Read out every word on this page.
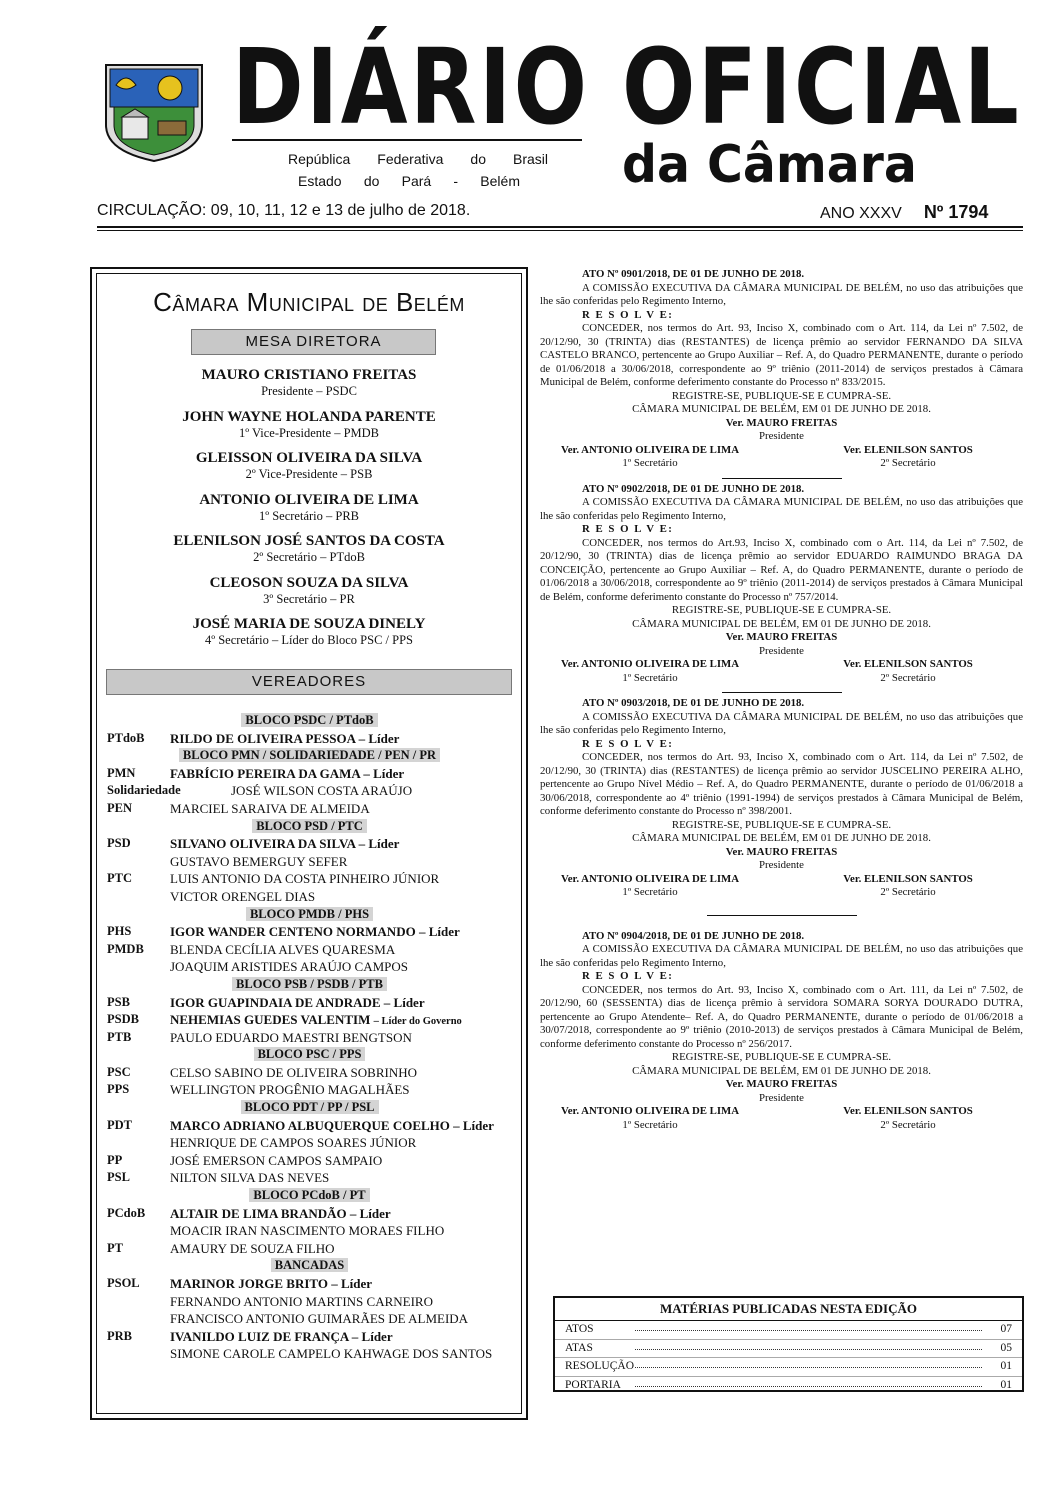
DIÁRIO OFICIAL
da Câmara
República Federativa do Brasil
Estado do Pará - Belém
CIRCULAÇÃO: 09, 10, 11, 12 e 13 de julho de 2018.	ANO XXXV Nº 1794
Câmara Municipal de Belém
MESA DIRETORA
MAURO CRISTIANO FREITAS
Presidente – PSDC
JOHN WAYNE HOLANDA PARENTE
1º Vice-Presidente – PMDB
GLEISSON OLIVEIRA DA SILVA
2º Vice-Presidente – PSB
ANTONIO OLIVEIRA DE LIMA
1º Secretário – PRB
ELENILSON JOSÉ SANTOS DA COSTA
2º Secretário – PTdoB
CLEOSON SOUZA DA SILVA
3º Secretário – PR
JOSÉ MARIA DE SOUZA DINELY
4º Secretário – Líder do Bloco PSC / PPS
VEREADORES
BLOCO PSDC / PTdoB
PTdoB RILDO DE OLIVEIRA PESSOA – Líder
BLOCO PMN / SOLIDARIEDADE / PEN / PR
PMN	FABRÍCIO PEREIRA DA GAMA – Líder
Solidariedade	JOSÉ WILSON COSTA ARAÚJO
PEN	MARCIEL SARAIVA DE ALMEIDA
BLOCO PSD / PTC
PSD	SILVANO OLIVEIRA DA SILVA – Líder
GUSTAVO BEMERGUY SEFER
PTC	LUIS ANTONIO DA COSTA PINHEIRO JÚNIOR
VICTOR ORENGEL DIAS
BLOCO PMDB / PHS
PHS	IGOR WANDER CENTENO NORMANDO – Líder
PMDB BLENDA CECÍLIA ALVES QUARESMA
JOAQUIM ARISTIDES ARAÚJO CAMPOS
BLOCO PSB / PSDB / PTB
PSB	IGOR GUAPINDAIA DE ANDRADE – Líder
PSDB NEHEMIAS GUEDES VALENTIM – Líder do Governo
PTB	PAULO EDUARDO MAESTRI BENGTSON
BLOCO PSC / PPS
PSC	CELSO SABINO DE OLIVEIRA SOBRINHO
PPS	WELLINGTON PROGÊNIO MAGALHÃES
BLOCO PDT / PP / PSL
PDT	MARCO ADRIANO ALBUQUERQUE COELHO – Líder
HENRIQUE DE CAMPOS SOARES JÚNIOR
PP	JOSÉ EMERSON CAMPOS SAMPAIO
PSL	NILTON SILVA DAS NEVES
BLOCO PCdoB / PT
PCdoB ALTAIR DE LIMA BRANDÃO – Líder
MOACIR IRAN NASCIMENTO MORAES FILHO
PT	AMAURY DE SOUZA FILHO
BANCADAS
PSOL MARINOR JORGE BRITO – Líder
FERNANDO ANTONIO MARTINS CARNEIRO
FRANCISCO ANTONIO GUIMARÃES DE ALMEIDA
PRB	IVANILDO LUIZ DE FRANÇA – Líder
SIMONE CAROLE CAMPELO KAHWAGE DOS SANTOS
ATO Nº 0901/2018, DE 01 DE JUNHO DE 2018.
A COMISSÃO EXECUTIVA DA CÂMARA MUNICIPAL DE BELÉM, no uso das atribuições que lhe são conferidas pelo Regimento Interno,
R E S O L V E:
CONCEDER, nos termos do Art. 93, Inciso X, combinado com o Art. 114, da Lei nº 7.502, de 20/12/90, 30 (TRINTA) dias (RESTANTES) de licença prêmio ao servidor FERNANDO DA SILVA CASTELO BRANCO, pertencente ao Grupo Auxiliar – Ref. A, do Quadro PERMANENTE, durante o período de 01/06/2018 a 30/06/2018, correspondente ao 9º triênio (2011-2014) de serviços prestados à Câmara Municipal de Belém, conforme deferimento constante do Processo nº 833/2015.
REGISTRE-SE, PUBLIQUE-SE E CUMPRA-SE.
CÂMARA MUNICIPAL DE BELÉM, EM 01 DE JUNHO DE 2018.
Ver. MAURO FREITAS
Presidente
Ver. ANTONIO OLIVEIRA DE LIMA
1º Secretário
Ver. ELENILSON SANTOS
2º Secretário
ATO Nº 0902/2018, DE 01 DE JUNHO DE 2018.
A COMISSÃO EXECUTIVA DA CÂMARA MUNICIPAL DE BELÉM, no uso das atribuições que lhe são conferidas pelo Regimento Interno,
R E S O L V E:
CONCEDER, nos termos do Art.93, Inciso X, combinado com o Art. 114, da Lei nº 7.502, de 20/12/90, 30 (TRINTA) dias de licença prêmio ao servidor EDUARDO RAIMUNDO BRAGA DA CONCEIÇÃO, pertencente ao Grupo Auxiliar – Ref. A, do Quadro PERMANENTE, durante o período de 01/06/2018 a 30/06/2018, correspondente ao 9º triênio (2011-2014) de serviços prestados à Câmara Municipal de Belém, conforme deferimento constante do Processo nº 757/2014.
REGISTRE-SE, PUBLIQUE-SE E CUMPRA-SE.
CÂMARA MUNICIPAL DE BELÉM, EM 01 DE JUNHO DE 2018.
Ver. MAURO FREITAS
Presidente
Ver. ANTONIO OLIVEIRA DE LIMA
1º Secretário
Ver. ELENILSON SANTOS
2º Secretário
ATO Nº 0903/2018, DE 01 DE JUNHO DE 2018.
A COMISSÃO EXECUTIVA DA CÂMARA MUNICIPAL DE BELÉM, no uso das atribuições que lhe são conferidas pelo Regimento Interno,
R E S O L V E:
CONCEDER, nos termos do Art. 93, Inciso X, combinado com o Art. 114, da Lei nº 7.502, de 20/12/90, 30 (TRINTA) dias (RESTANTES) de licença prêmio ao servidor JUSCELINO PEREIRA ALHO, pertencente ao Grupo Nível Médio – Ref. A, do Quadro PERMANENTE, durante o período de 01/06/2018 a 30/06/2018, correspondente ao 4º triênio (1991-1994) de serviços prestados à Câmara Municipal de Belém, conforme deferimento constante do Processo nº 398/2001.
REGISTRE-SE, PUBLIQUE-SE E CUMPRA-SE.
CÂMARA MUNICIPAL DE BELÉM, EM 01 DE JUNHO DE 2018.
Ver. MAURO FREITAS
Presidente
Ver. ANTONIO OLIVEIRA DE LIMA
1º Secretário
Ver. ELENILSON SANTOS
2º Secretário
ATO Nº 0904/2018, DE 01 DE JUNHO DE 2018.
A COMISSÃO EXECUTIVA DA CÂMARA MUNICIPAL DE BELÉM, no uso das atribuições que lhe são conferidas pelo Regimento Interno,
R E S O L V E:
CONCEDER, nos termos do Art. 93, Inciso X, combinado com o Art. 111, da Lei nº 7.502, de 20/12/90, 60 (SESSENTA) dias de licença prêmio à servidora SOMARA SORYA DOURADO DUTRA, pertencente ao Grupo Atendente– Ref. A, do Quadro PERMANENTE, durante o período de 01/06/2018 a 30/07/2018, correspondente ao 9º triênio (2010-2013) de serviços prestados à Câmara Municipal de Belém, conforme deferimento constante do Processo nº 256/2017.
REGISTRE-SE, PUBLIQUE-SE E CUMPRA-SE.
CÂMARA MUNICIPAL DE BELÉM, EM 01 DE JUNHO DE 2018.
Ver. MAURO FREITAS
Presidente
Ver. ANTONIO OLIVEIRA DE LIMA
1º Secretário
Ver. ELENILSON SANTOS
2º Secretário
MATÉRIAS PUBLICADAS NESTA EDIÇÃO
ATOS	07
ATAS	05
RESOLUÇÃO	01
PORTARIA	01
